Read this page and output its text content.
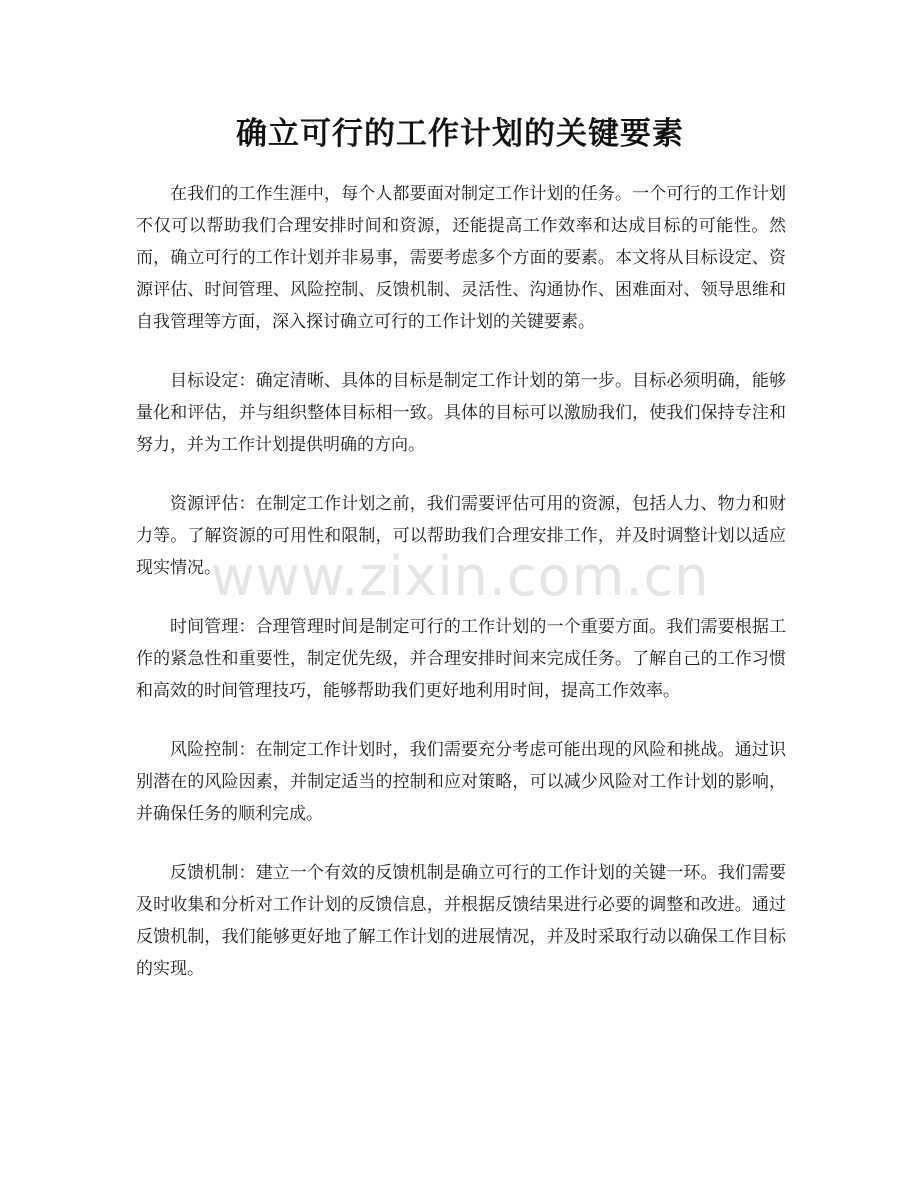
确立可行的工作计划的关键要素

在我们的工作生涯中，每个人都要面对制定工作计划的任务。一个可行的工作计划不仅可以帮助我们合理安排时间和资源，还能提高工作效率和达成目标的可能性。然而，确立可行的工作计划并非易事，需要考虑多个方面的要素。本文将从目标设定、资源评估、时间管理、风险控制、反馈机制、灵活性、沟通协作、困难面对、领导思维和自我管理等方面，深入探讨确立可行的工作计划的关键要素。

目标设定：确定清晰、具体的目标是制定工作计划的第一步。目标必须明确，能够量化和评估，并与组织整体目标相一致。具体的目标可以激励我们，使我们保持专注和努力，并为工作计划提供明确的方向。

资源评估：在制定工作计划之前，我们需要评估可用的资源，包括人力、物力和财力等。了解资源的可用性和限制，可以帮助我们合理安排工作，并及时调整计划以适应现实情况。

时间管理：合理管理时间是制定可行的工作计划的一个重要方面。我们需要根据工作的紧急性和重要性，制定优先级，并合理安排时间来完成任务。了解自己的工作习惯和高效的时间管理技巧，能够帮助我们更好地利用时间，提高工作效率。

风险控制：在制定工作计划时，我们需要充分考虑可能出现的风险和挑战。通过识别潜在的风险因素，并制定适当的控制和应对策略，可以减少风险对工作计划的影响，并确保任务的顺利完成。

反馈机制：建立一个有效的反馈机制是确立可行的工作计划的关键一环。我们需要及时收集和分析对工作计划的反馈信息，并根据反馈结果进行必要的调整和改进。通过反馈机制，我们能够更好地了解工作计划的进展情况，并及时采取行动以确保工作目标的实现。

www.zixin.com.cn
